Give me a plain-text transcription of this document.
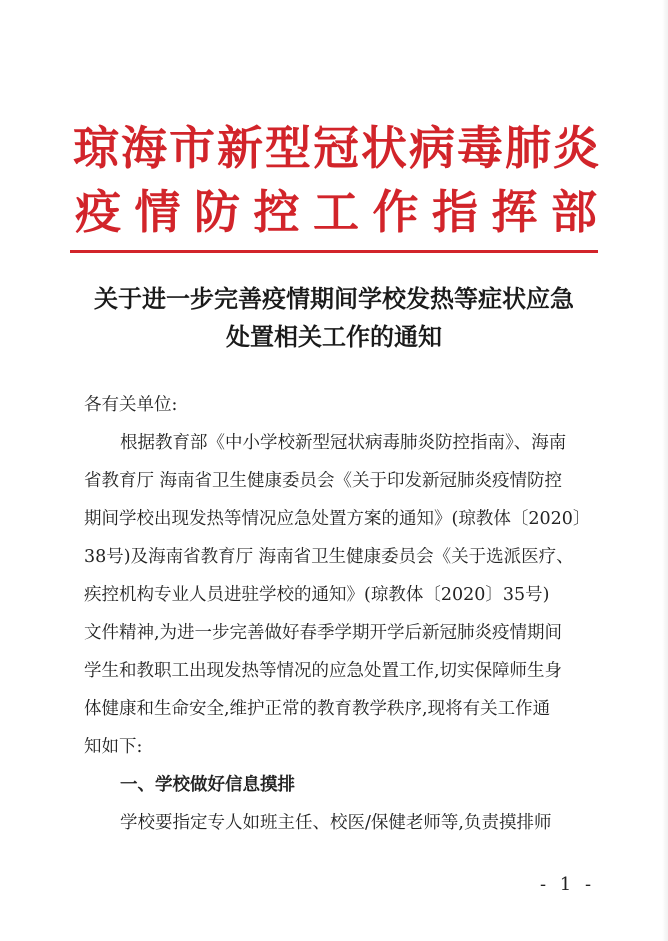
琼 海 市 新 型 冠 状 病 毒 肺 炎
疫 情 防 控 工 作 指 挥 部
关于进一步完善疫情期间学校发热等症状应急
处置相关工作的通知
各有关单位:
根据教育部《中小学校新型冠状病毒肺炎防控指南》、海南
省教育厅 海南省卫生健康委员会《关于印发新冠肺炎疫情防控
期间学校出现发热等情况应急处置方案的通知》(琼教体〔2020〕
38号)及海南省教育厅 海南省卫生健康委员会《关于选派医疗、
疾控机构专业人员进驻学校的通知》(琼教体〔2020〕35号)
文件精神,为进一步完善做好春季学期开学后新冠肺炎疫情期间
学生和教职工出现发热等情况的应急处置工作,切实保障师生身
体健康和生命安全,维护正常的教育教学秩序,现将有关工作通
知如下:
一、学校做好信息摸排
学校要指定专人如班主任、校医/保健老师等,负责摸排师
- 1 -
